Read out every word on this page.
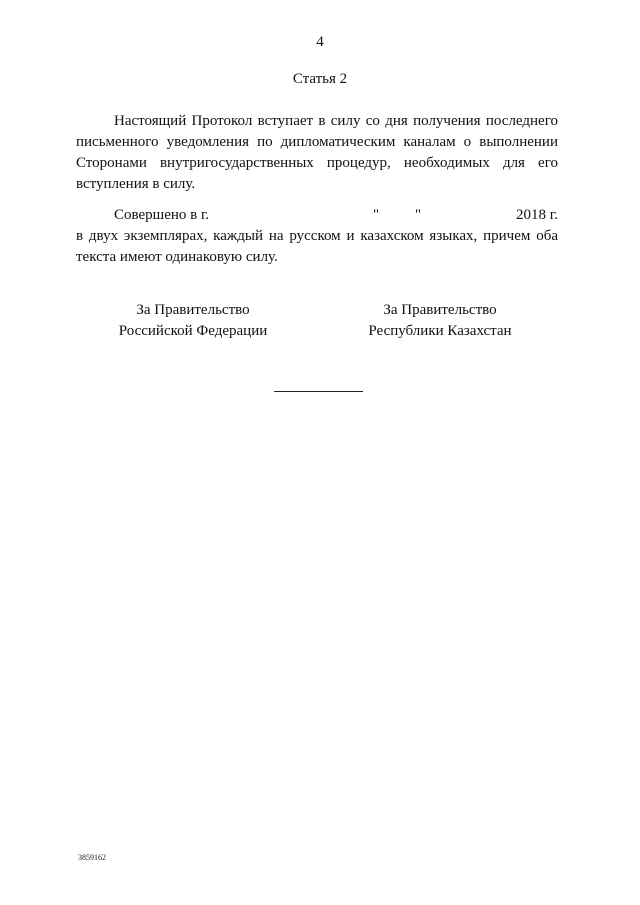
4
Статья 2
Настоящий Протокол вступает в силу со дня получения последнего
письменного уведомления по дипломатическим каналам о выполнении
Сторонами внутригосударственных процедур, необходимых для его
вступления в силу.
Совершено в г.	" "	2018 г.
в двух экземплярах, каждый на русском и казахском языках, причем оба
текста имеют одинаковую силу.
За Правительство
Российской Федерации
За Правительство
Республики Казахстан
3859162
